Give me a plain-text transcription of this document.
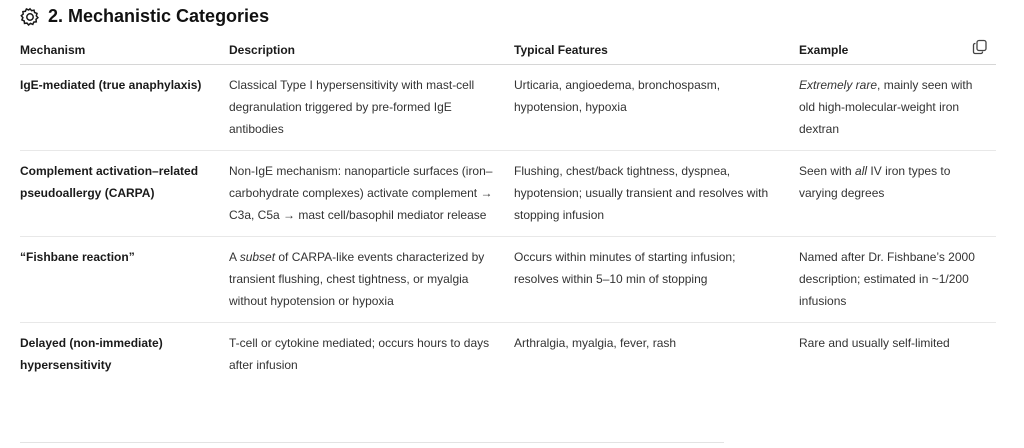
2. Mechanistic Categories
Mechanism	Description	Typical Features	Example

IgE-mediated (true anaphylaxis)	Classical Type I hypersensitivity with mast-cell degranulation triggered by pre-formed IgE antibodies	Urticaria, angioedema, bronchospasm, hypotension, hypoxia	Extremely rare, mainly seen with old high-molecular-weight iron dextran

Complement activation–related pseudoallergy (CARPA)	Non-IgE mechanism: nanoparticle surfaces (iron–carbohydrate complexes) activate complement → C3a, C5a → mast cell/basophil mediator release	Flushing, chest/back tightness, dyspnea, hypotension; usually transient and resolves with stopping infusion	Seen with all IV iron types to varying degrees

“Fishbane reaction”	A subset of CARPA-like events characterized by transient flushing, chest tightness, or myalgia without hypotension or hypoxia	Occurs within minutes of starting infusion; resolves within 5–10 min of stopping	Named after Dr. Fishbane’s 2000 description; estimated in ~1/200 infusions

Delayed (non-immediate) hypersensitivity	T-cell or cytokine mediated; occurs hours to days after infusion	Arthralgia, myalgia, fever, rash	Rare and usually self-limited
